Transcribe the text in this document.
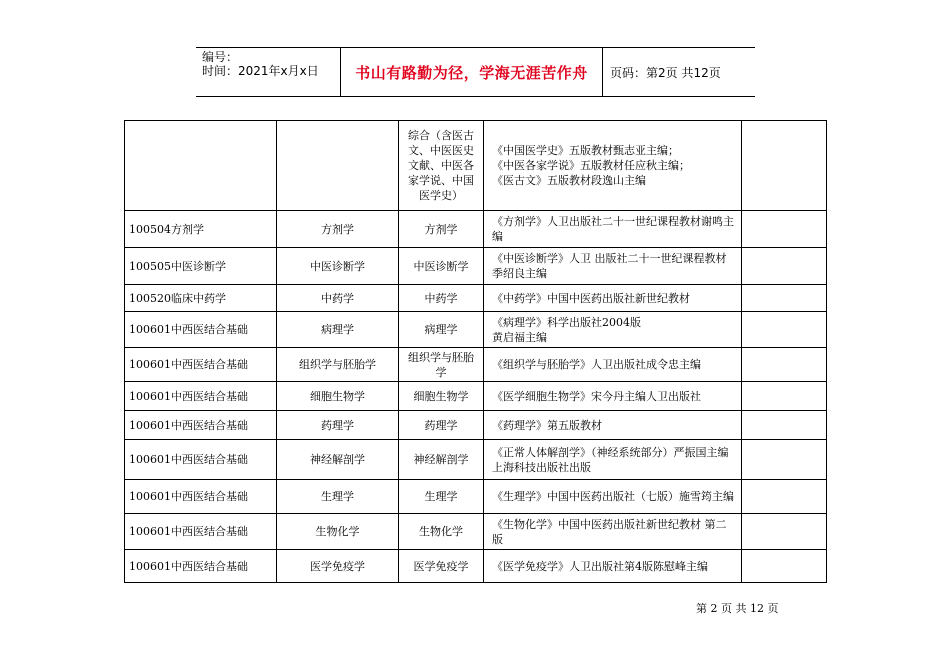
编号：
时间：2021年x月x日	书山有路勤为径，学海无涯苦作舟	页码：第2页 共12页
		综合（含医古文、中医医史文献、中医各家学说、中国医学史）	《中国医学史》五版教材甄志亚主编；
《中医各家学说》五版教材任应秋主编；
《医古文》五版教材段逸山主编	
100504方剂学	方剂学	方剂学	《方剂学》人卫出版社二十一世纪课程教材谢鸣主编	
100505中医诊断学	中医诊断学	中医诊断学	《中医诊断学》人卫 出版社二十一世纪课程教材季绍良主编	
100520临床中药学	中药学	中药学	《中药学》中国中医药出版社新世纪教材	
100601中西医结合基础	病理学	病理学	《病理学》科学出版社2004版
黄启福主编	
100601中西医结合基础	组织学与胚胎学	组织学与胚胎学	《组织学与胚胎学》人卫出版社成令忠主编	
100601中西医结合基础	细胞生物学	细胞生物学	《医学细胞生物学》宋今丹主编人卫出版社	
100601中西医结合基础	药理学	药理学	《药理学》第五版教材	
100601中西医结合基础	神经解剖学	神经解剖学	《正常人体解剖学》（神经系统部分）严振国主编上海科技出版社出版	
100601中西医结合基础	生理学	生理学	《生理学》中国中医药出版社（七版）施雪筠主编	
100601中西医结合基础	生物化学	生物化学	《生物化学》中国中医药出版社新世纪教材 第二版	
100601中西医结合基础	医学免疫学	医学免疫学	《医学免疫学》人卫出版社第4版陈慰峰主编	
第 2 页 共 12 页
